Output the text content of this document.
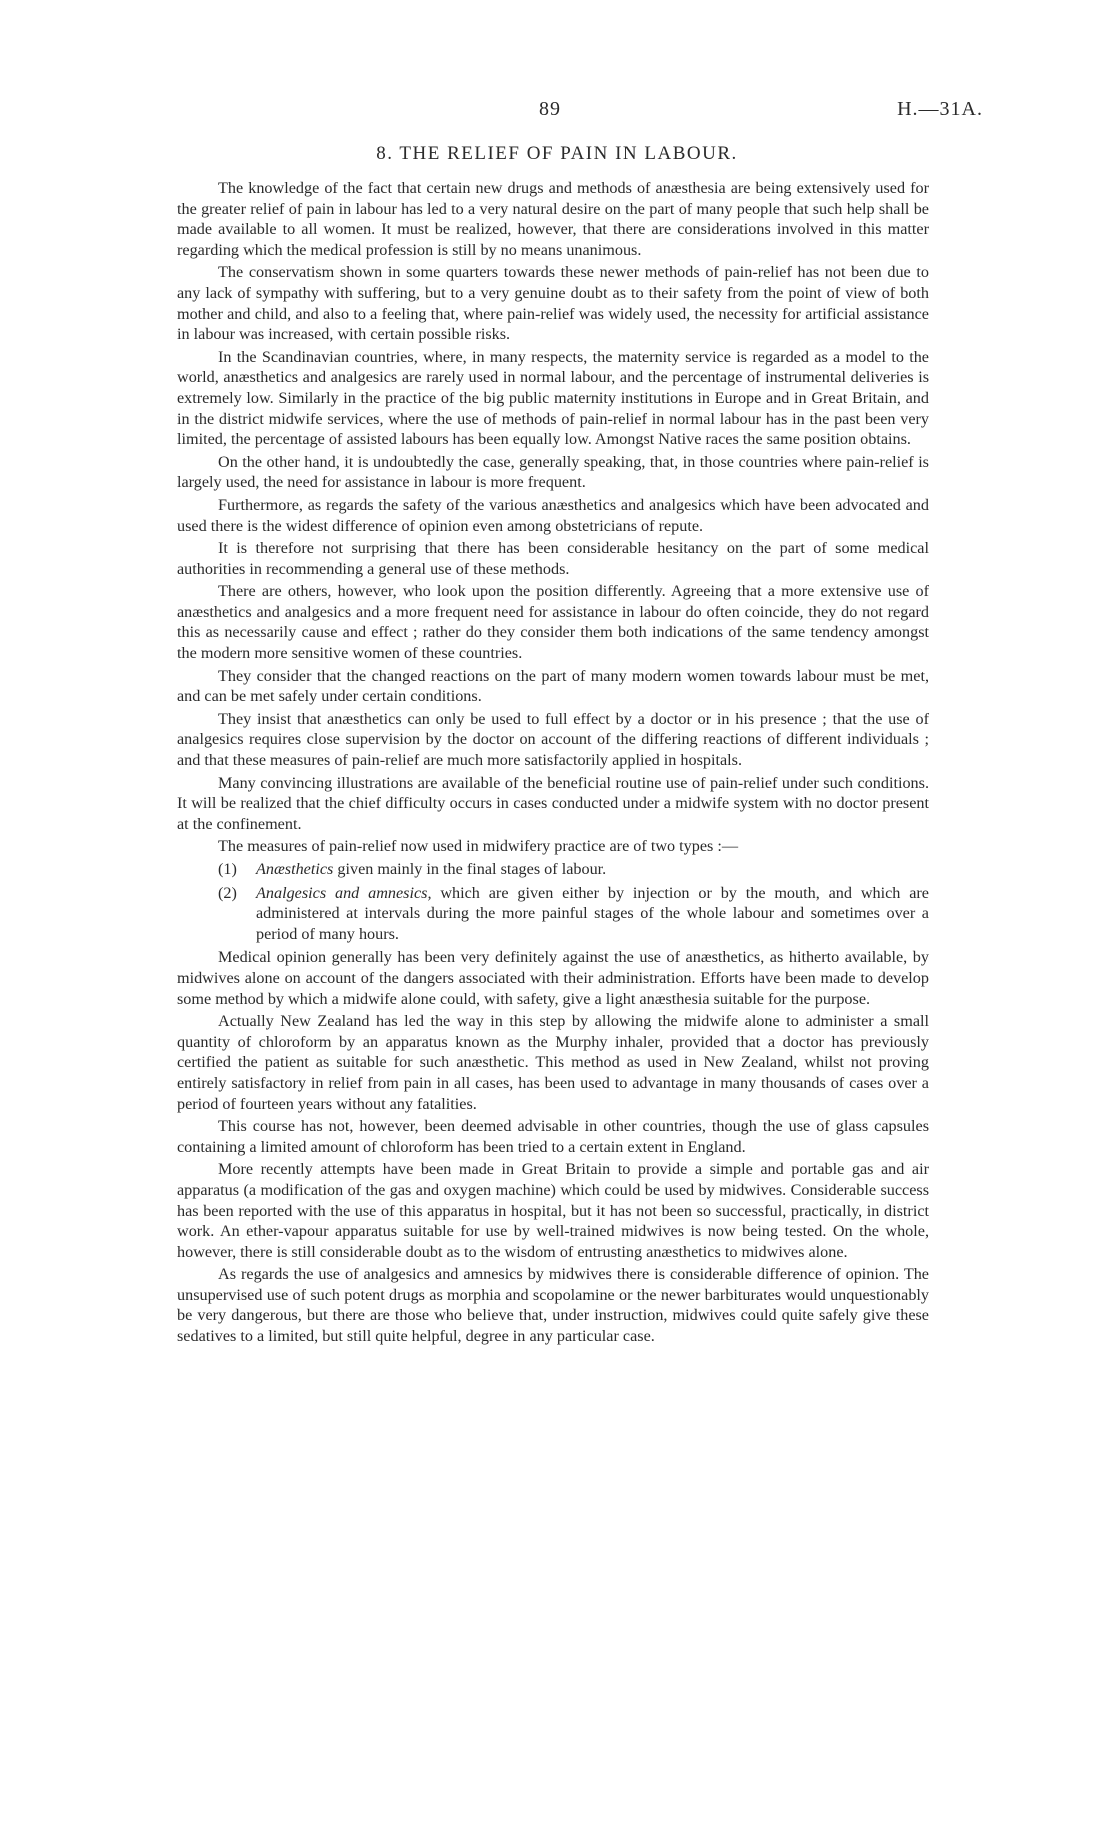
89	H.—31A.
8. THE RELIEF OF PAIN IN LABOUR.

The knowledge of the fact that certain new drugs and methods of anæsthesia are being extensively used for the greater relief of pain in labour has led to a very natural desire on the part of many people that such help shall be made available to all women. It must be realized, however, that there are considerations involved in this matter regarding which the medical profession is still by no means unanimous.

The conservatism shown in some quarters towards these newer methods of pain-relief has not been due to any lack of sympathy with suffering, but to a very genuine doubt as to their safety from the point of view of both mother and child, and also to a feeling that, where pain-relief was widely used, the necessity for artificial assistance in labour was increased, with certain possible risks.

In the Scandinavian countries, where, in many respects, the maternity service is regarded as a model to the world, anæsthetics and analgesics are rarely used in normal labour, and the percentage of instrumental deliveries is extremely low. Similarly in the practice of the big public maternity institutions in Europe and in Great Britain, and in the district midwife services, where the use of methods of pain-relief in normal labour has in the past been very limited, the percentage of assisted labours has been equally low. Amongst Native races the same position obtains.

On the other hand, it is undoubtedly the case, generally speaking, that, in those countries where pain-relief is largely used, the need for assistance in labour is more frequent.

Furthermore, as regards the safety of the various anæsthetics and analgesics which have been advocated and used there is the widest difference of opinion even among obstetricians of repute.

It is therefore not surprising that there has been considerable hesitancy on the part of some medical authorities in recommending a general use of these methods.

There are others, however, who look upon the position differently. Agreeing that a more extensive use of anæsthetics and analgesics and a more frequent need for assistance in labour do often coincide, they do not regard this as necessarily cause and effect ; rather do they consider them both indications of the same tendency amongst the modern more sensitive women of these countries.

They consider that the changed reactions on the part of many modern women towards labour must be met, and can be met safely under certain conditions.

They insist that anæsthetics can only be used to full effect by a doctor or in his presence ; that the use of analgesics requires close supervision by the doctor on account of the differing reactions of different individuals ; and that these measures of pain-relief are much more satisfactorily applied in hospitals.

Many convincing illustrations are available of the beneficial routine use of pain-relief under such conditions. It will be realized that the chief difficulty occurs in cases conducted under a midwife system with no doctor present at the confinement.

The measures of pain-relief now used in midwifery practice are of two types :—

(1) Anæsthetics given mainly in the final stages of labour.
(2) Analgesics and amnesics, which are given either by injection or by the mouth, and which are administered at intervals during the more painful stages of the whole labour and sometimes over a period of many hours.

Medical opinion generally has been very definitely against the use of anæsthetics, as hitherto available, by midwives alone on account of the dangers associated with their administration. Efforts have been made to develop some method by which a midwife alone could, with safety, give a light anæsthesia suitable for the purpose.

Actually New Zealand has led the way in this step by allowing the midwife alone to administer a small quantity of chloroform by an apparatus known as the Murphy inhaler, provided that a doctor has previously certified the patient as suitable for such anæsthetic. This method as used in New Zealand, whilst not proving entirely satisfactory in relief from pain in all cases, has been used to advantage in many thousands of cases over a period of fourteen years without any fatalities.

This course has not, however, been deemed advisable in other countries, though the use of glass capsules containing a limited amount of chloroform has been tried to a certain extent in England.

More recently attempts have been made in Great Britain to provide a simple and portable gas and air apparatus (a modification of the gas and oxygen machine) which could be used by midwives. Considerable success has been reported with the use of this apparatus in hospital, but it has not been so successful, practically, in district work. An ether-vapour apparatus suitable for use by well-trained midwives is now being tested. On the whole, however, there is still considerable doubt as to the wisdom of entrusting anæsthetics to midwives alone.

As regards the use of analgesics and amnesics by midwives there is considerable difference of opinion. The unsupervised use of such potent drugs as morphia and scopolamine or the newer barbiturates would unquestionably be very dangerous, but there are those who believe that, under instruction, midwives could quite safely give these sedatives to a limited, but still quite helpful, degree in any particular case.
